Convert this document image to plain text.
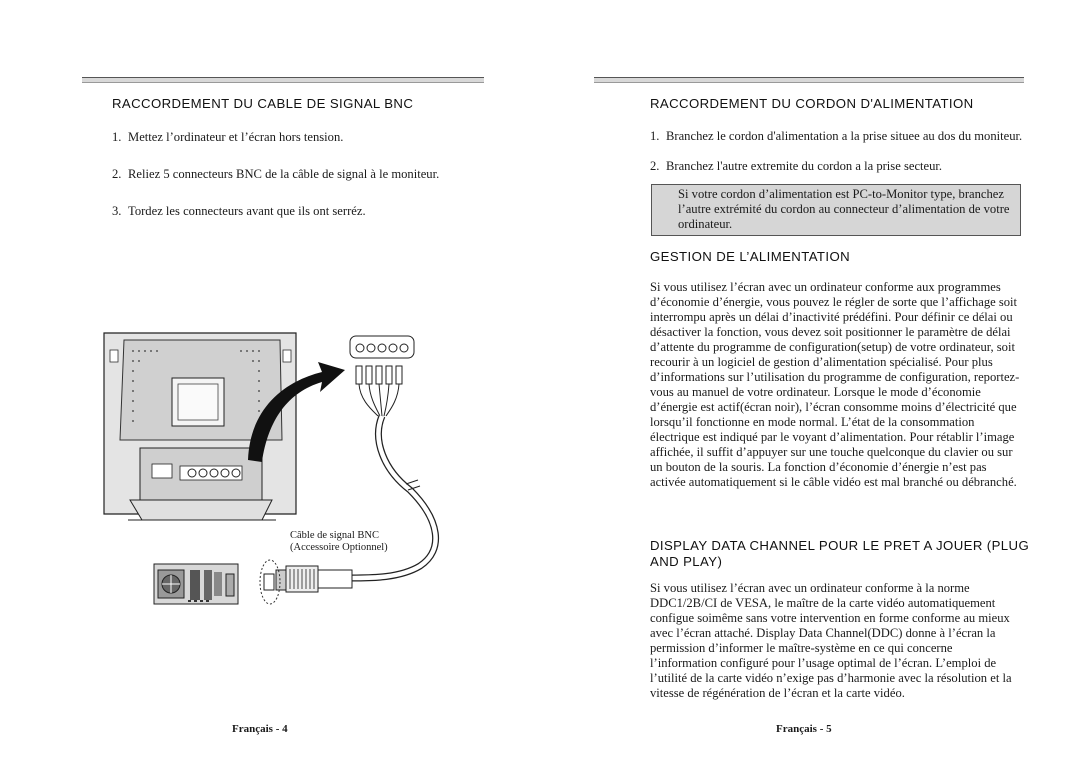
RACCORDEMENT DU CABLE DE SIGNAL BNC
1. Mettez l’ordinateur et l’écran hors tension.
2. Reliez 5 connecteurs BNC de la câble de signal à le moniteur.
3. Tordez les connecteurs avant que ils ont serréz.
Câble de signal BNC
(Accessoire Optionnel)
Français - 4
RACCORDEMENT DU CORDON D'ALIMENTATION
1. Branchez le cordon d'alimentation a la prise situee au dos du moniteur.
2. Branchez l'autre extremite du cordon a la prise secteur.
Si votre cordon d’alimentation est PC-to-Monitor type, branchez l’autre extrémité du cordon au connecteur d’alimentation de votre ordinateur.
GESTION DE L’ALIMENTATION
Si vous utilisez l’écran avec un ordinateur conforme aux programmes d’économie d’énergie, vous pouvez le régler de sorte que l’affichage soit interrompu après un délai d’inactivité prédéfini. Pour définir ce délai ou désactiver la fonction, vous devez soit positionner le paramètre de délai d’attente du programme de configuration(setup) de votre ordinateur, soit recourir à un logiciel de gestion d’alimentation spécialisé. Pour plus d’informations sur l’utilisation du programme de configuration, reportez-vous au manuel de votre ordinateur. Lorsque le mode d’économie d’énergie est actif(écran noir), l’écran consomme moins d’électricité que lorsqu’il fonctionne en mode normal. L’état de la consommation électrique est indiqué par le voyant d’alimentation. Pour rétablir l’image affichée, il suffit d’appuyer sur une touche quelconque du clavier ou sur un bouton de la souris. La fonction d’économie d’énergie n’est pas activée automatiquement si le câble vidéo est mal branché ou débranché.
DISPLAY DATA CHANNEL POUR LE PRET A JOUER (PLUG AND PLAY)
Si vous utilisez l’écran avec un ordinateur conforme à la norme DDC1/2B/CI de VESA, le maître de la carte vidéo automatiquement configue soimême sans votre intervention en forme conforme au mieux avec l’écran attaché. Display Data Channel(DDC) donne à l’écran la permission d’informer le maître-système en ce qui concerne l’information configuré pour l’usage optimal de l’écran. L’emploi de l’utilité de la carte vidéo n’exige pas d’harmonie avec la résolution et la vitesse de régénération de l’écran et la carte vidéo.
Français - 5
